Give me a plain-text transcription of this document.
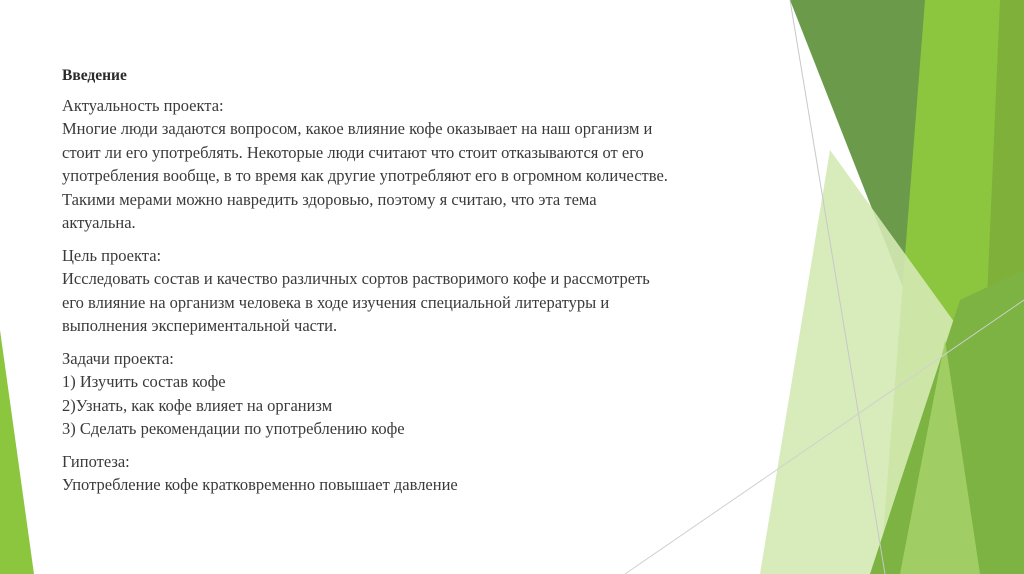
Введение
Актуальность проекта:
Многие люди задаются вопросом, какое влияние кофе оказывает на наш организм и
стоит ли его употреблять. Некоторые люди считают что стоит отказываются от его
употребления вообще, в то время как другие употребляют его в огромном количестве.
Такими мерами можно навредить здоровью, поэтому я считаю, что эта тема
актуальна.
Цель проекта:
Исследовать состав и качество различных сортов растворимого кофе и рассмотреть
его влияние на организм человека в ходе изучения специальной литературы и
выполнения экспериментальной части.
Задачи проекта:
1) Изучить состав кофе
2)Узнать, как кофе влияет на организм
3) Сделать рекомендации по употреблению кофе
Гипотеза:
Употребление кофе кратковременно повышает давление
